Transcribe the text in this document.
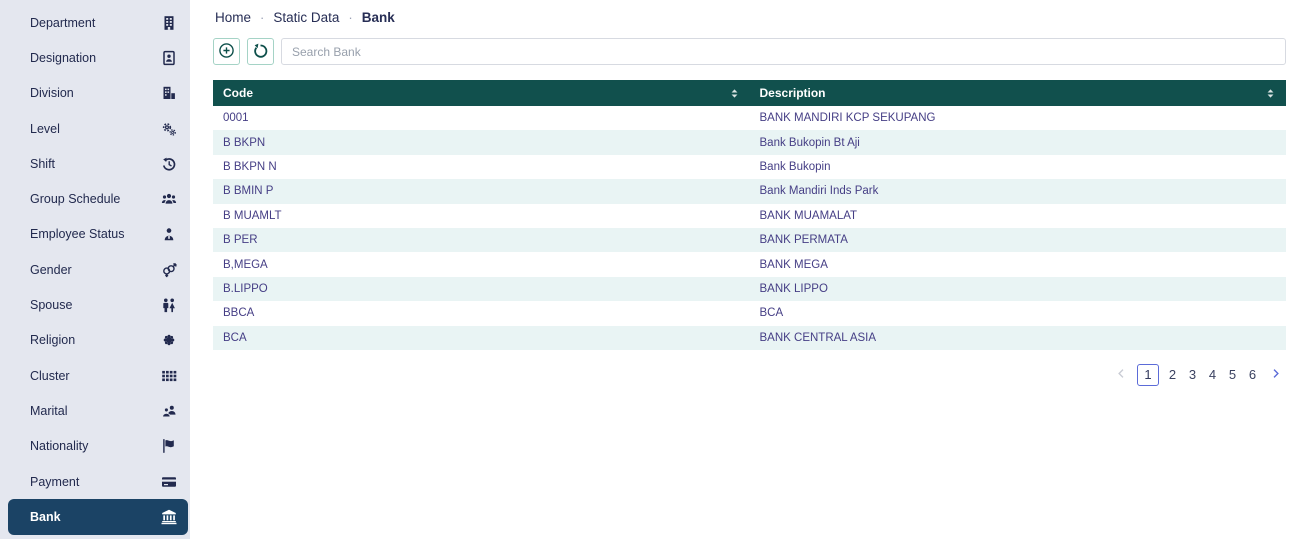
Department
Designation
Division
Level
Shift
Group Schedule
Employee Status
Gender
Spouse
Religion
Cluster
Marital
Nationality
Payment
Bank
Home · Static Data · Bank
Search Bank
Code	Description

0001	BANK MANDIRI KCP SEKUPANG
B BKPN	Bank Bukopin Bt Aji
B BKPN N	Bank Bukopin
B BMIN P	Bank Mandiri Inds Park
B MUAMLT	BANK MUAMALAT
B PER	BANK PERMATA
B,MEGA	BANK MEGA
B.LIPPO	BANK LIPPO
BBCA	BCA
BCA	BANK CENTRAL ASIA
1	2 3 4 5 6
